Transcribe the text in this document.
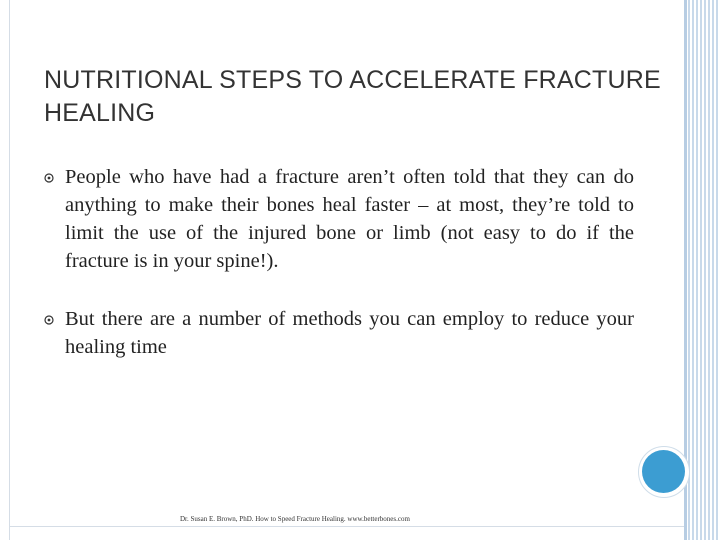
NUTRITIONAL STEPS TO ACCELERATE FRACTURE HEALING
People who have had a fracture aren’t often told that they can do anything to make their bones heal faster – at most, they’re told to limit the use of the injured bone or limb (not easy to do if the fracture is in your spine!).
But there are a number of methods you can employ to reduce your healing time
Dr. Susan E. Brown, PhD. How to Speed Fracture Healing. www.betterbones.com
